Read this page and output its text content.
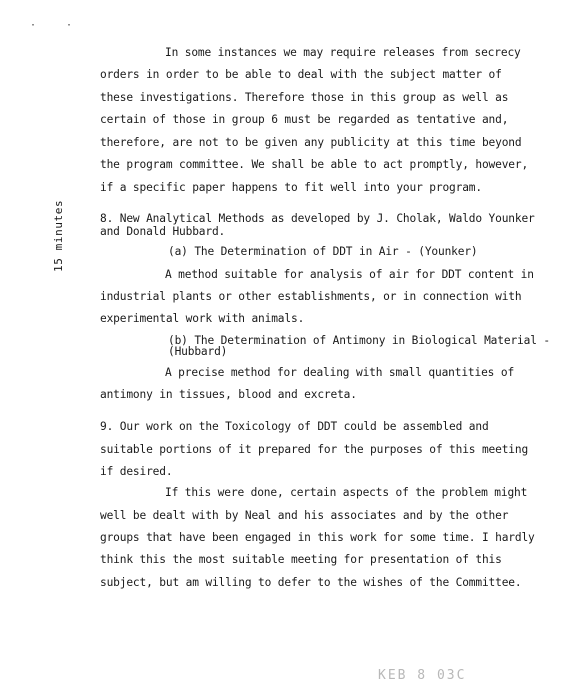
· ·
15 minutes
In some instances we may require releases from secrecy
orders in order to be able to deal with the subject matter of
these investigations. Therefore those in this group as well as
certain of those in group 6 must be regarded as tentative and,
therefore, are not to be given any publicity at this time beyond
the program committee. We shall be able to act promptly, however,
if a specific paper happens to fit well into your program.
8. New Analytical Methods as developed by J. Cholak, Waldo Younker
and Donald Hubbard.
(a) The Determination of DDT in Air - (Younker)
A method suitable for analysis of air for DDT content in
industrial plants or other establishments, or in connection with
experimental work with animals.
(b) The Determination of Antimony in Biological Material -
(Hubbard)
A precise method for dealing with small quantities of
antimony in tissues, blood and excreta.
9. Our work on the Toxicology of DDT could be assembled and
suitable portions of it prepared for the purposes of this meeting
if desired.
If this were done, certain aspects of the problem might
well be dealt with by Neal and his associates and by the other
groups that have been engaged in this work for some time. I hardly
think this the most suitable meeting for presentation of this
subject, but am willing to defer to the wishes of the Committee.
KEB 8 03C
